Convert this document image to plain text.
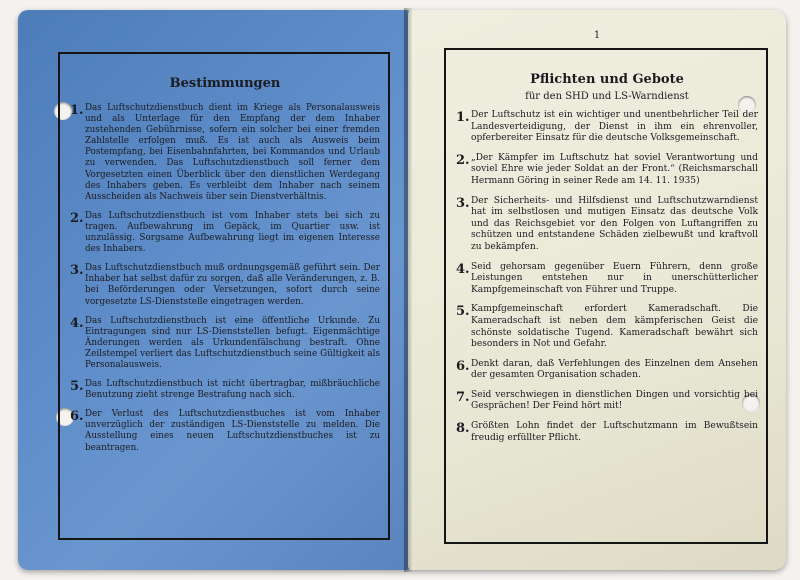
Bestimmungen
1. Das Luftschutzdienstbuch dient im Kriege als Personalausweis und als Unterlage für den Empfang der dem Inhaber zustehenden Gebührnisse, sofern ein solcher bei einer fremden Zahlstelle erfolgen muß. Es ist auch als Ausweis beim Postempfang, bei Eisenbahnfahrten, bei Kommandos und Urlaub zu verwenden. Das Luftschutzdienstbuch soll ferner dem Vorgesetzten einen Überblick über den dienstlichen Werdegang des Inhabers geben. Es verbleibt dem Inhaber nach seinem Ausscheiden als Nachweis über sein Dienstverhältnis.
2. Das Luftschutzdienstbuch ist vom Inhaber stets bei sich zu tragen. Aufbewahrung im Gepäck, im Quartier usw. ist unzulässig. Sorgsame Aufbewahrung liegt im eigenen Interesse des Inhabers.
3. Das Luftschutzdienstbuch muß ordnungsgemäß geführt sein. Der Inhaber hat selbst dafür zu sorgen, daß alle Veränderungen, z. B. bei Beförderungen oder Versetzungen, sofort durch seine vorgesetzte LS-Dienststelle eingetragen werden.
4. Das Luftschutzdienstbuch ist eine öffentliche Urkunde. Zu Eintragungen sind nur LS-Dienststellen befugt. Eigenmächtige Änderungen werden als Urkundenfälschung bestraft. Ohne Zeilstempel verliert das Luftschutzdienstbuch seine Gültigkeit als Personalausweis.
5. Das Luftschutzdienstbuch ist nicht übertragbar, mißbräuchliche Benutzung zieht strenge Bestrafung nach sich.
6. Der Verlust des Luftschutzdienstbuches ist vom Inhaber unverzüglich der zuständigen LS-Dienststelle zu melden. Die Ausstellung eines neuen Luftschutzdienstbuches ist zu beantragen.
1
Pflichten und Gebote
für den SHD und LS-Warndienst
1. Der Luftschutz ist ein wichtiger und unentbehrlicher Teil der Landesverteidigung, der Dienst in ihm ein ehrenvoller, opferbereiter Einsatz für die deutsche Volksgemeinschaft.
2. „Der Kämpfer im Luftschutz hat soviel Verantwortung und soviel Ehre wie jeder Soldat an der Front.“ (Reichsmarschall Hermann Göring in seiner Rede am 14. 11. 1935)
3. Der Sicherheits- und Hilfsdienst und Luftschutzwarndienst hat im selbstlosen und mutigen Einsatz das deutsche Volk und das Reichsgebiet vor den Folgen von Luftangriffen zu schützen und entstandene Schäden zielbewußt und kraftvoll zu bekämpfen.
4. Seid gehorsam gegenüber Euern Führern, denn große Leistungen entstehen nur in unerschütterlicher Kampfgemeinschaft von Führer und Truppe.
5. Kampfgemeinschaft erfordert Kameradschaft. Die Kameradschaft ist neben dem kämpferischen Geist die schönste soldatische Tugend. Kameradschaft bewährt sich besonders in Not und Gefahr.
6. Denkt daran, daß Verfehlungen des Einzelnen dem Ansehen der gesamten Organisation schaden.
7. Seid verschwiegen in dienstlichen Dingen und vorsichtig bei Gesprächen! Der Feind hört mit!
8. Größten Lohn findet der Luftschutzmann im Bewußtsein freudig erfüllter Pflicht.
